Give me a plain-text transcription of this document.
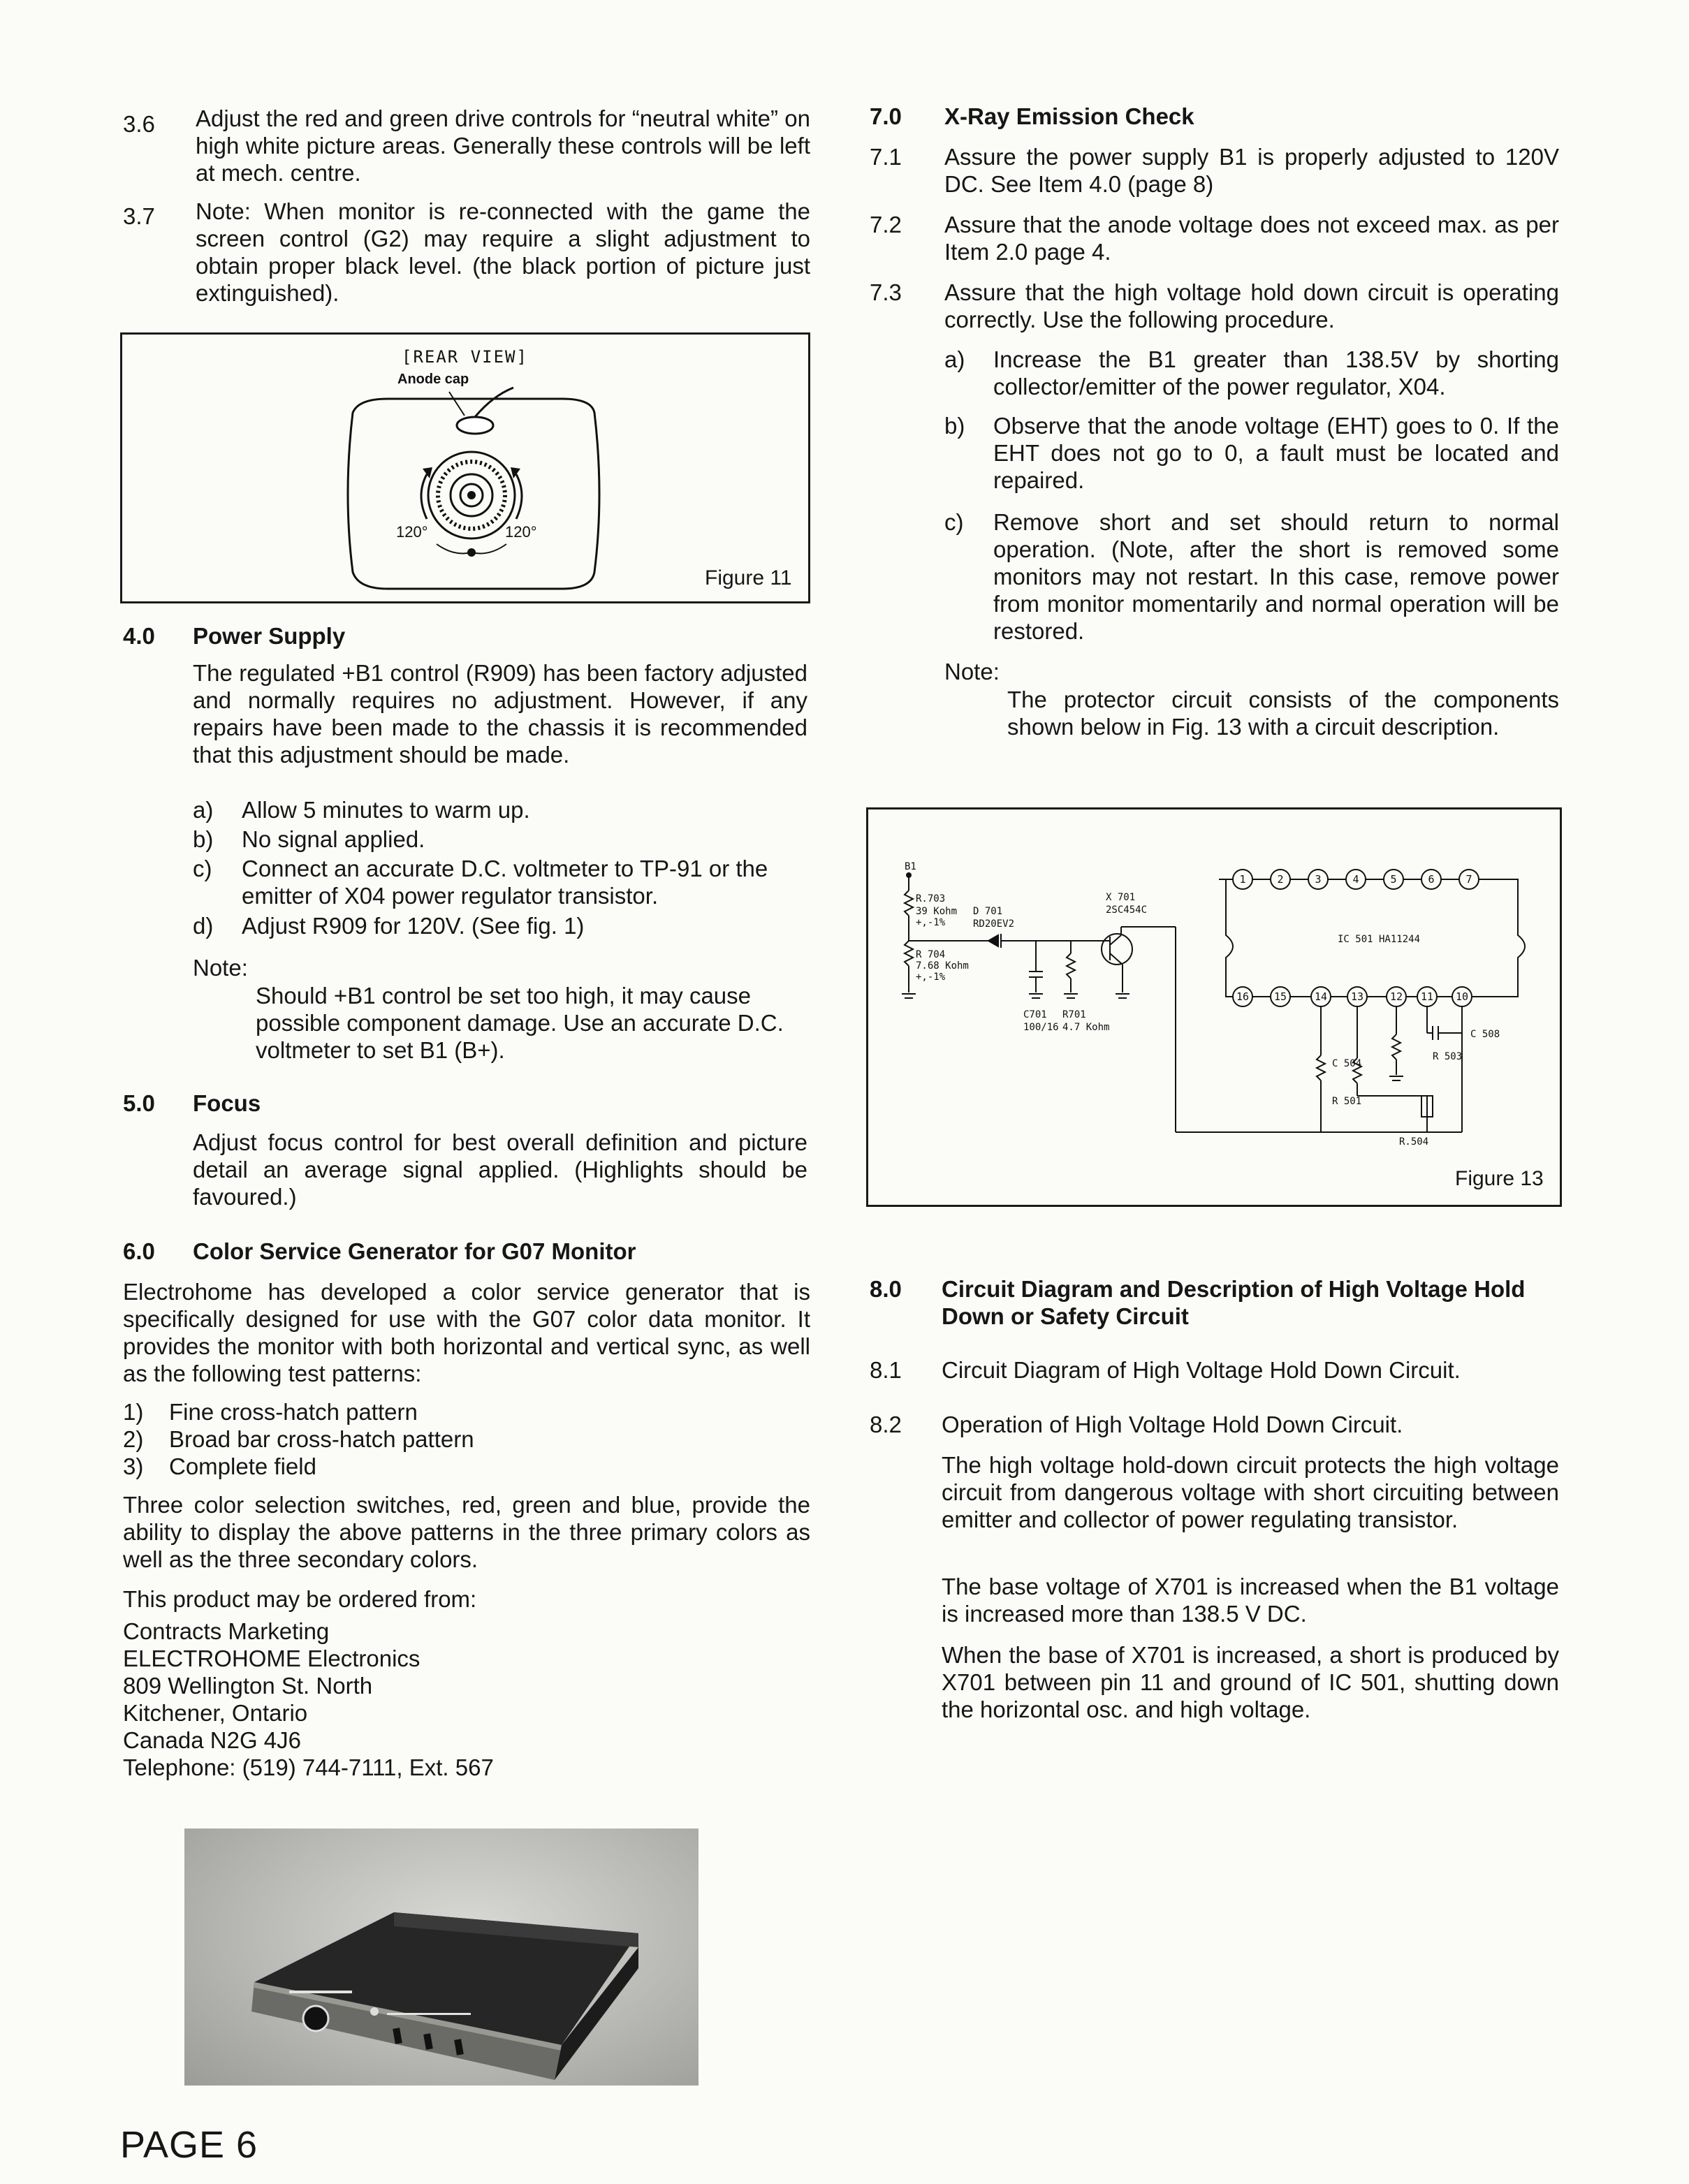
3.6 Adjust the red and green drive controls for “neutral white” on high white picture areas. Generally these controls will be left at mech. centre.
3.7 Note: When monitor is re-connected with the game the screen control (G2) may require a slight adjustment to obtain proper black level. (the black portion of picture just extinguished).
[REAR VIEW]
Anode cap
120°	120°
Figure 11
4.0 Power Supply
The regulated +B1 control (R909) has been factory adjusted and normally requires no adjustment. However, if any repairs have been made to the chassis it is recommended that this adjustment should be made.
a) Allow 5 minutes to warm up.
b) No signal applied.
c) Connect an accurate D.C. voltmeter to TP-91 or the emitter of X04 power regulator transistor.
d) Adjust R909 for 120V. (See fig. 1)
Note:
Should +B1 control be set too high, it may cause possible component damage. Use an accurate D.C. voltmeter to set B1 (B+).
5.0 Focus
Adjust focus control for best overall definition and picture detail an average signal applied. (Highlights should be favoured.)
6.0 Color Service Generator for G07 Monitor
Electrohome has developed a color service generator that is specifically designed for use with the G07 color data monitor. It provides the monitor with both horizontal and vertical sync, as well as the following test patterns:
1) Fine cross-hatch pattern
2) Broad bar cross-hatch pattern
3) Complete field
Three color selection switches, red, green and blue, provide the ability to display the above patterns in the three primary colors as well as the three secondary colors.
This product may be ordered from:
Contracts Marketing
ELECTROHOME Electronics
809 Wellington St. North
Kitchener, Ontario
Canada N2G 4J6
Telephone: (519) 744-7111, Ext. 567
7.0 X-Ray Emission Check
7.1 Assure the power supply B1 is properly adjusted to 120V DC. See Item 4.0 (page 8)
7.2 Assure that the anode voltage does not exceed max. as per Item 2.0 page 4.
7.3 Assure that the high voltage hold down circuit is operating correctly. Use the following procedure.
a) Increase the B1 greater than 138.5V by shorting collector/emitter of the power regulator, X04.
b) Observe that the anode voltage (EHT) goes to 0. If the EHT does not go to 0, a fault must be located and repaired.
c) Remove short and set should return to normal operation. (Note, after the short is removed some monitors may not restart. In this case, remove power from monitor momentarily and normal operation will be restored.
Note:
The protector circuit consists of the components shown below in Fig. 13 with a circuit description.
1	2	3	4	5	6	7
16 15	14 13	12 11 10
B1
R.703
39 Kohm
+,-1%
D 701
RD20EV2
R 704
7.68 Kohm
+,-1%
X 701
2SC454C
C701
100/16
R701
4.7 Kohm
IC 501 HA11244
C 504
R 501
C 508
R 503
R.504
Figure 13
8.0 Circuit Diagram and Description of High Voltage Hold Down or Safety Circuit
8.1 Circuit Diagram of High Voltage Hold Down Circuit.
8.2 Operation of High Voltage Hold Down Circuit.
The high voltage hold-down circuit protects the high voltage circuit from dangerous voltage with short circuiting between emitter and collector of power regulating transistor.
The base voltage of X701 is increased when the B1 voltage is increased more than 138.5 V DC.
When the base of X701 is increased, a short is produced by X701 between pin 11 and ground of IC 501, shutting down the horizontal osc. and high voltage.
PAGE 6
